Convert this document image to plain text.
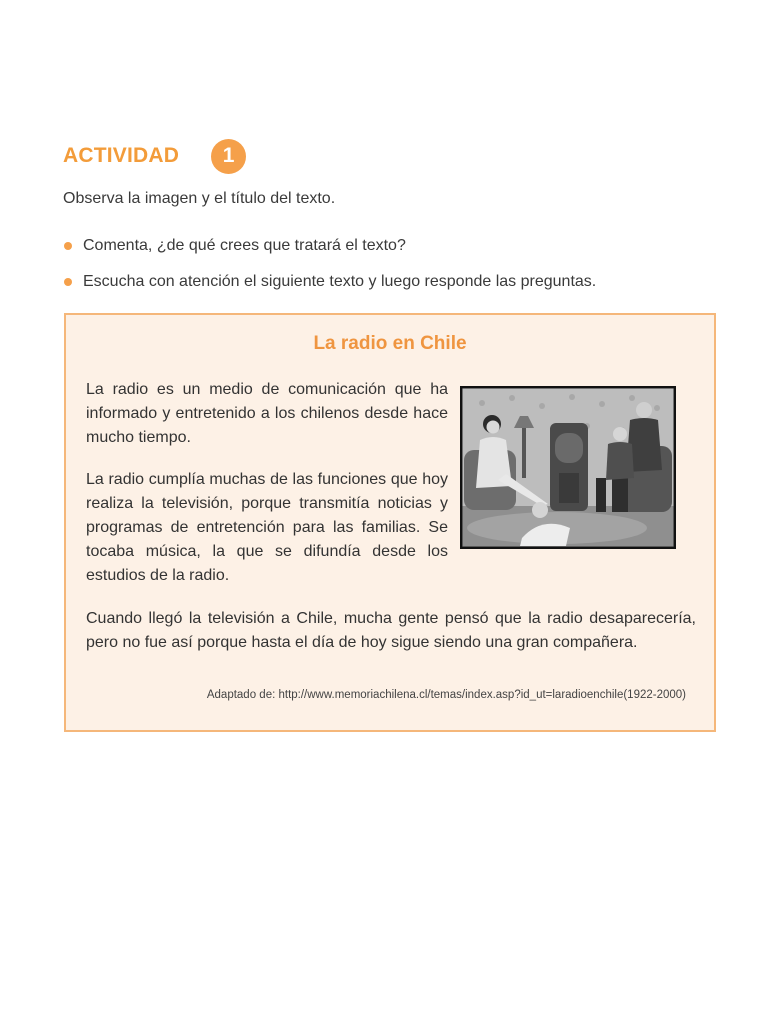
ACTIVIDAD	1
Observa la imagen y el título del texto.
Comenta, ¿de qué crees que tratará el texto?
Escucha con atención el siguiente texto y luego responde las preguntas.
La radio en Chile

La radio es un medio de comunicación que ha informado y entretenido a los chilenos desde hace mucho tiempo.

La radio cumplía muchas de las funciones que hoy realiza la televisión, porque transmitía noticias y programas de entretención para las familias. Se tocaba música, la que se difundía desde los estudios de la radio.

Cuando llegó la televisión a Chile, mucha gente pensó que la radio desaparecería, pero no fue así porque hasta el día de hoy sigue siendo una gran compañera.

Adaptado de: http://www.memoriachilena.cl/temas/index.asp?id_ut=laradioenchile(1922-2000)
